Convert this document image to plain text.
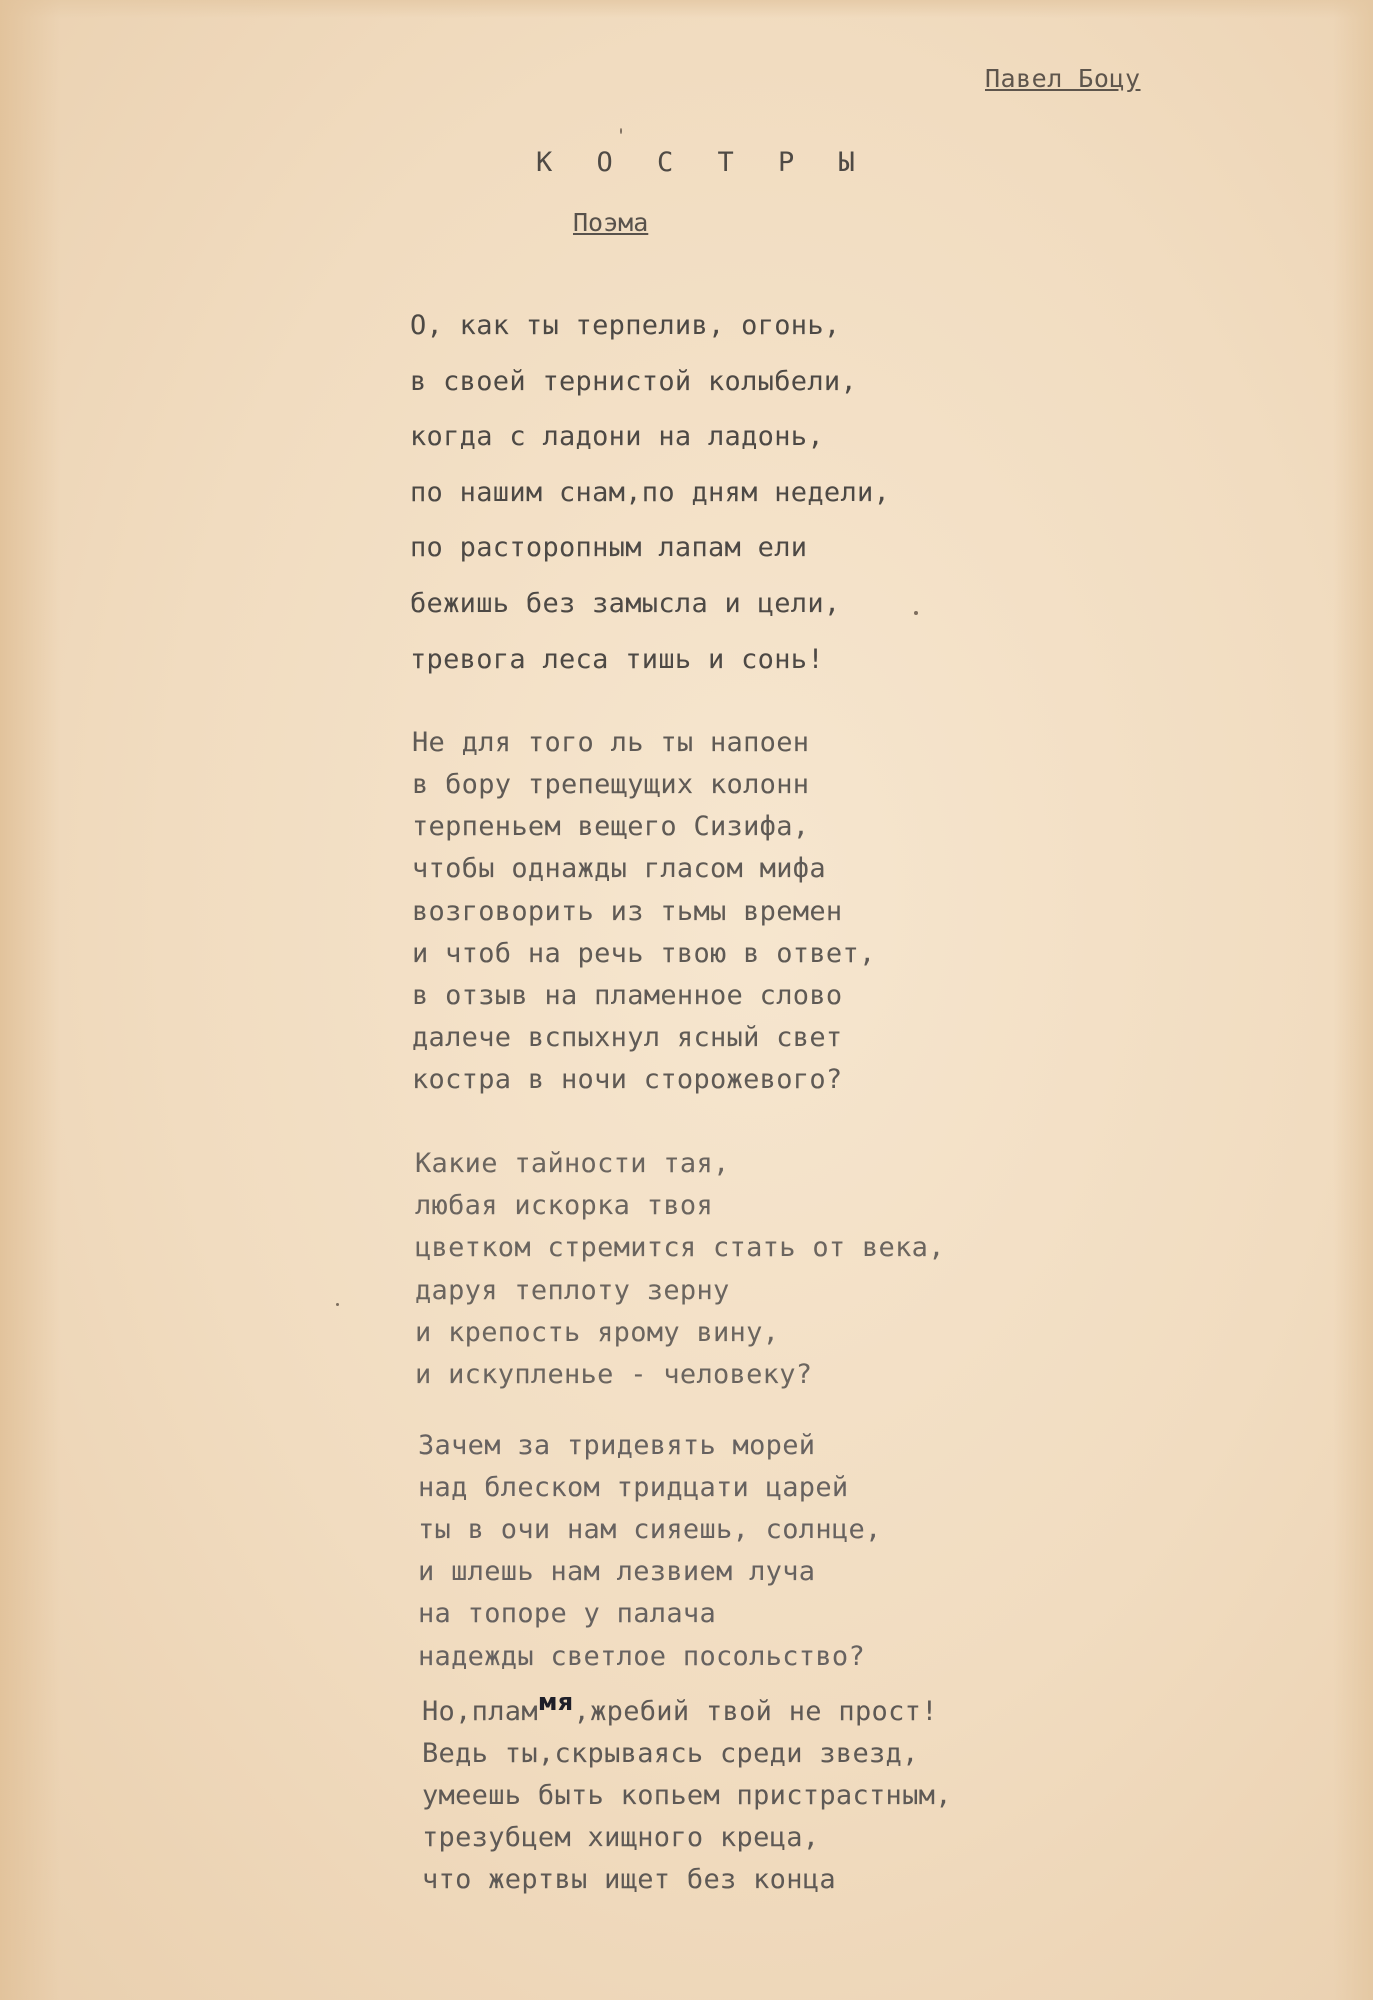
Павел Боцу
К О С Т Р Ы
Поэма
О, как ты терпелив, огонь,
в своей тернистой колыбели,
когда с ладони на ладонь,
по нашим снам,по дням недели,
по расторопным лапам ели
бежишь без замысла и цели,
тревога леса тишь и сонь!
Не для того ль ты напоен
в бору трепещущих колонн
терпеньем вещего Сизифа,
чтобы однажды гласом мифа
возговорить из тьмы времен
и чтоб на речь твою в ответ,
в отзыв на пламенное слово
далече вспыхнул ясный свет
костра в ночи сторожевого?
Какие тайности тая,
любая искорка твоя
цветком стремится стать от века,
даруя теплоту зерну
и крепость ярому вину,
и искупленье - человеку?
Зачем за тридевять морей
над блеском тридцати царей
ты в очи нам сияешь, солнце,
и шлешь нам лезвием луча
на топоре у палача
надежды светлое посольство?
Но,пламмя,жребий твой не прост!
Ведь ты,скрываясь среди звезд,
умеешь быть копьем пристрастным,
трезубцем хищного креца,
что жертвы ищет без конца
